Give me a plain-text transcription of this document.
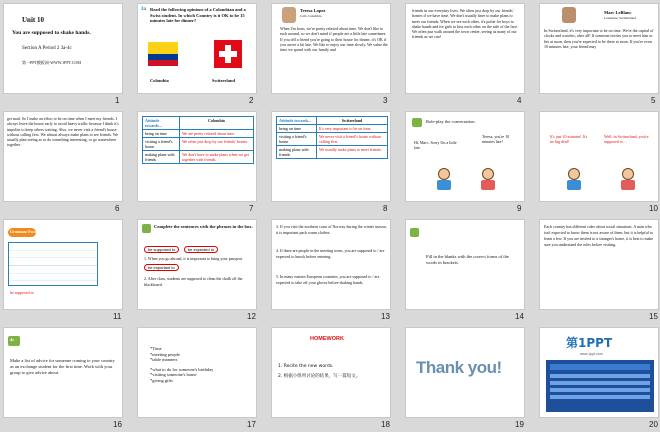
Unit 10
You are supposed to shake hands.
Section A Period 2 3a-4c
第一PPT模板网-WWW.1PPT.COM
1
3a Read the following opinions of a Colombian and a Swiss student. In which Country is it OK to be 15 minutes late for dinner?
Colombia	Switzerland
2
Teresa Lopez
Cali, Colombia
When I'm from, we're pretty relaxed about time. We don't like to rush around, so we don't mind if people are a little late sometimes. If you tell a friend you're going to their house for dinner, it's OK if you arrive a bit late. We like to enjoy our time slowly. We value the time we spend with our family and
3
friends in our everyday lives. We often just drop by our friends' homes if we have time. We don't usually have to make plans to meet our friends. When we see each other, it's polite for boys to shake hands and for girls to kiss each other on the side of the face. We often just walk around the town center, seeing as many of our friends as we can!
4
Marc LeBlanc
Lausanne, Switzerland
In Switzerland, it's very important to be on time. We're the capital of clocks and watches, after all! If someone invites you to meet him or her at noon, then you're expected to be there at noon. If you're even 10 minutes late, your friend may
5
get mad. So I make an effort to be on time when I meet my friends. I always leave the house early to avoid heavy traffic because I think it's impolite to keep others waiting. Also, we never visit a friend's house without calling first. We almost always make plans to see friends. We usually plan seeing as to do something interesting, or go somewhere together.
6
Attitude towards...	Colombia
being on time	We are pretty relaxed about time.
visiting a friend's house	We often just drop by our friends' homes.
making plans with friends	We don't have to make plans when we get together with friends.
7
Attitude towards...	Switzerland
being on time	It's very important to be on time.
visiting a friend's house	We never visit a friend's house without calling first.
making plans with friends	We usually make plans to meet friends.
8
Role-play the conversation.
Hi, Marc. Sorry I'm a little late.
Teresa, you're 10 minutes late!
9
It's just 10 minutes! It's no big deal!
Well, in Switzerland, you're supposed to…
10
Grammar Focus
be supposed to
11
Complete the sentences with the phrases in the box.
be supposed to	be expected to be important to
1. When you go abroad, it is important to bring your passport.
2. After class, students are supposed to clean the chalk off the blackboard.
12
3. If you visit the northern coast of Norway during the winter season, it is important pack warm clothes.
4. If there are people in the meeting room, you are supposed to / are expected to knock before entering.
5. In many eastern European countries, you are supposed to / are expected to take off your gloves before shaking hands.
13
Fill in the blanks with the correct forms of the words in brackets.
14
Each country has different rules about social situations. A man who isn't expected to know them is not aware of them, but it is helpful to learn a few. If you are invited to a stranger's home, it is best to make sure you understand the rules before visiting.
15
4c
Make a list of advice for someone coming to your country as an exchange student for the first time. Work with your group to give advice about.
16
*Time
*meeting people
*table manners
*what to do for someone's birthday
*visiting someone's home
*giving gifts
17
HOMEWORK
1. Recite the new words.
2. 根据小组所讨论的结果，写一篇短文。
18
Thank you!
19
第1PPT
www.1ppt.com
20
